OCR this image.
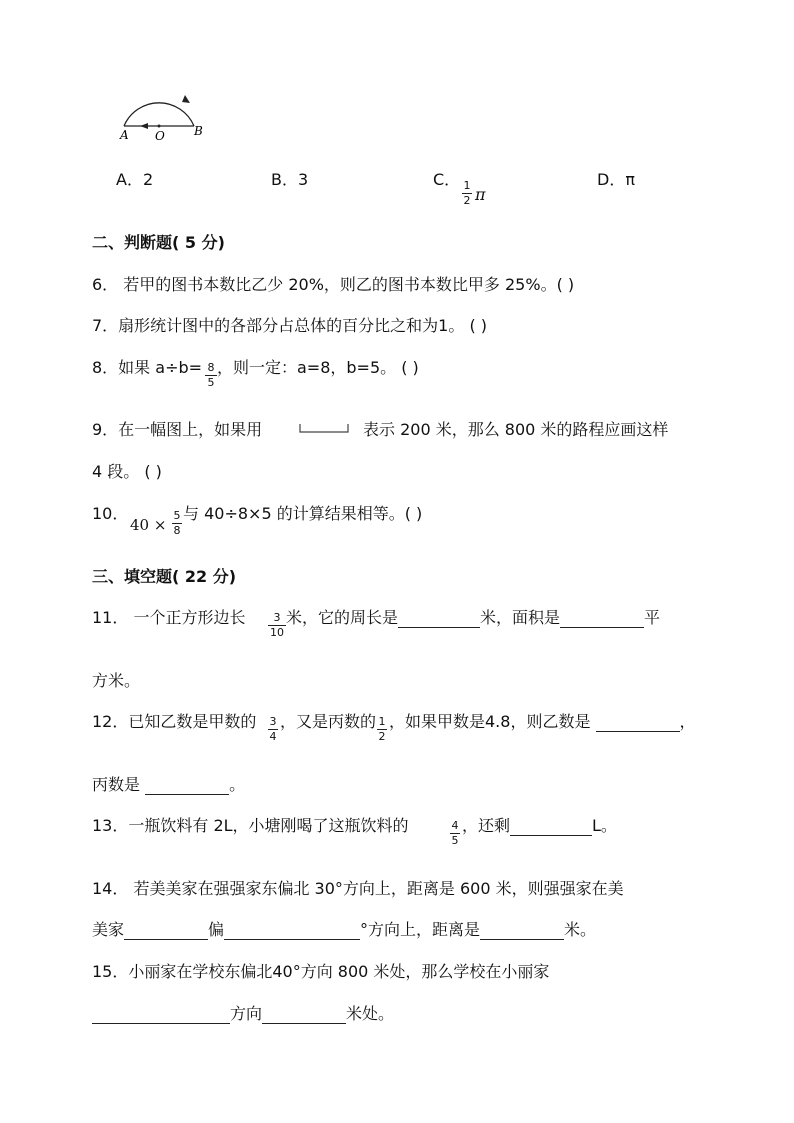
A O B
A．2	B．3	C． 1
2 π
D．π
二、判断题( 5 分)
6． 若甲的图书本数比乙少 20%，则乙的图书本数比甲多 25%。( )
7．扇形统计图中的各部分占总体的百分比之和为1。 ( )
8．如果 a÷b= 8
5
，则一定：a=8，b=5。 ( )
9．在一幅图上，如果用	表示 200 米，那么 800 米的路程应画这样
4 段。 ( )
10．
40 ×
5
8
与 40÷8×5 的计算结果相等。( )
三、填空题( 22 分)
11． 一个正方形边长	3
10
米，它的周长是	米，面积是	平
方米。
12．已知乙数是甲数的 3
4
，又是丙数的 1
2
，如果甲数是4.8，则乙数是	，
丙数是	。
13．一瓶饮料有 2L，小塘刚喝了这瓶饮料的	4
5
，还剩	L。
14． 若美美家在强强家东偏北 30°方向上，距离是 600 米，则强强家在美
美家	偏	°方向上，距离是	米。
15．小丽家在学校东偏北40°方向 800 米处，那么学校在小丽家
方向	米处。
